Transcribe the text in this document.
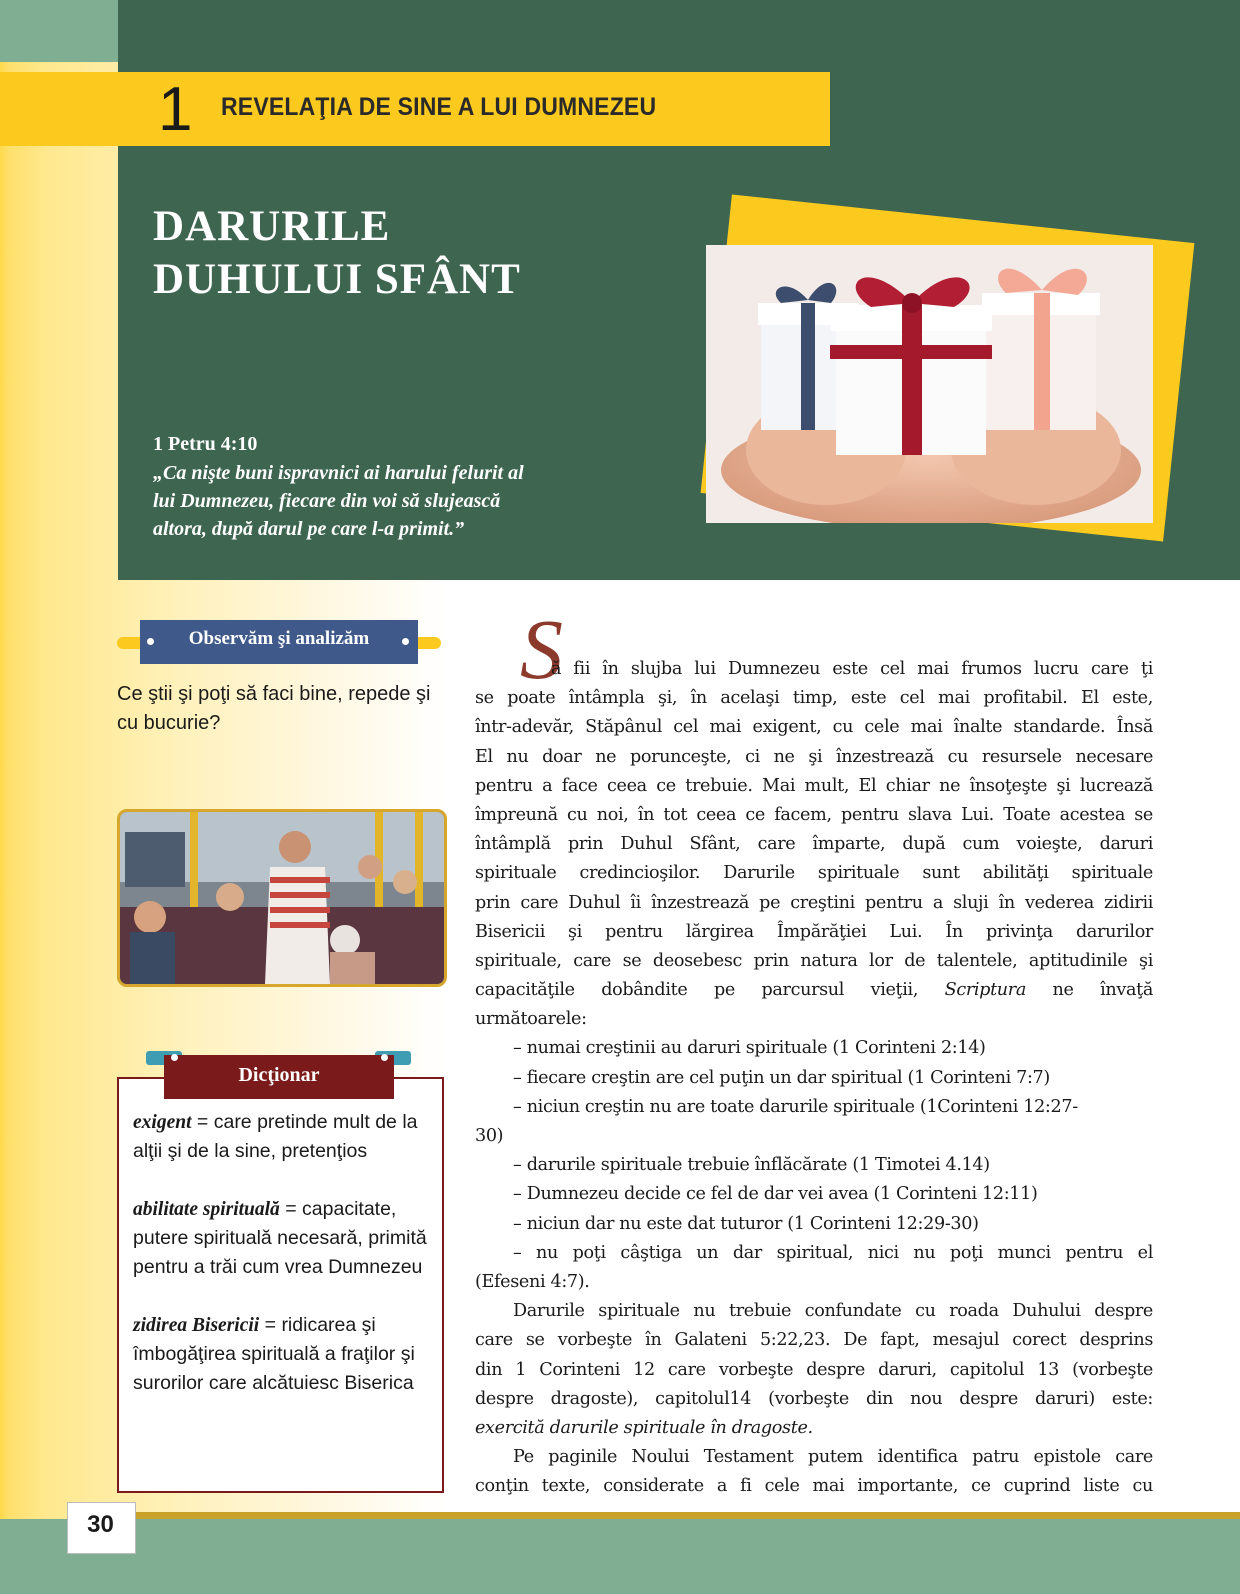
1 REVELAŢIA DE SINE A LUI DUMNEZEU
DARURILE
DUHULUI SFÂNT
1 Petru 4:10
„Ca nişte buni ispravnici ai harului felurit al
lui Dumnezeu, fiecare din voi să slujească
altora, după darul pe care l-a primit.”
Observăm şi analizăm
Ce ştii şi poţi să faci bine, repede şi cu bucurie?
Dicţionar
exigent = care pretinde mult de la alţii şi de la sine, pretenţios
abilitate spirituală = capacitate, putere spirituală necesară, primită pentru a trăi cum vrea Dumnezeu
zidirea Bisericii = ridicarea şi îmbogăţirea spirituală a fraţilor şi surorilor care alcătuiesc Biserica
S
ă fii în slujba lui Dumnezeu este cel mai frumos lucru care ţi
se poate întâmpla şi, în acelaşi timp, este cel mai profitabil. El este,
într-adevăr, Stăpânul cel mai exigent, cu cele mai înalte standarde. Însă
El nu doar ne porunceşte, ci ne şi înzestrează cu resursele necesare
pentru a face ceea ce trebuie. Mai mult, El chiar ne însoţeşte şi lucrează
împreună cu noi, în tot ceea ce facem, pentru slava Lui. Toate acestea se
întâmplă prin Duhul Sfânt, care împarte, după cum voieşte, daruri
spirituale credincioşilor. Darurile spirituale sunt abilităţi spirituale
prin care Duhul îi înzestrează pe creştini pentru a sluji în vederea zidirii
Bisericii şi pentru lărgirea Împărăţiei Lui. În privinţa darurilor
spirituale, care se deosebesc prin natura lor de talentele, aptitudinile şi
capacităţile dobândite pe parcursul vieţii, Scriptura ne învaţă
următoarele:
– numai creştinii au daruri spirituale (1 Corinteni 2:14)
– fiecare creştin are cel puţin un dar spiritual (1 Corinteni 7:7)
– niciun creştin nu are toate darurile spirituale (1Corinteni 12:27-
30)
– darurile spirituale trebuie înflăcărate (1 Timotei 4.14)
– Dumnezeu decide ce fel de dar vei avea (1 Corinteni 12:11)
– niciun dar nu este dat tuturor (1 Corinteni 12:29-30)
– nu poţi câştiga un dar spiritual, nici nu poţi munci pentru el
(Efeseni 4:7).
Darurile spirituale nu trebuie confundate cu roada Duhului despre
care se vorbeşte în Galateni 5:22,23. De fapt, mesajul corect desprins
din 1 Corinteni 12 care vorbeşte despre daruri, capitolul 13 (vorbeşte
despre dragoste), capitolul14 (vorbeşte din nou despre daruri) este:
exercită darurile spirituale în dragoste.
Pe paginile Noului Testament putem identifica patru epistole care
conţin texte, considerate a fi cele mai importante, ce cuprind liste cu
30
